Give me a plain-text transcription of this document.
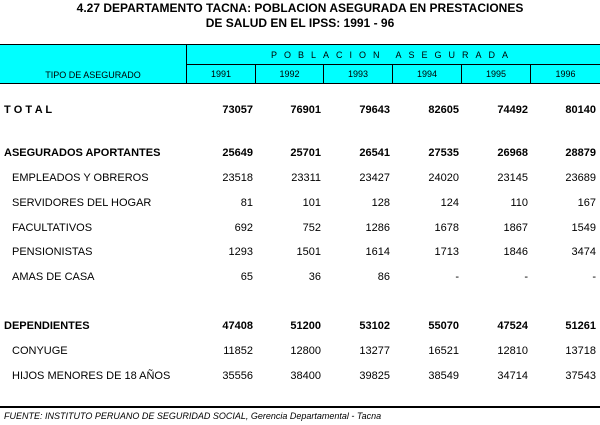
4.27 DEPARTAMENTO TACNA: POBLACION ASEGURADA EN PRESTACIONES
DE SALUD EN EL IPSS: 1991 - 96
POBLACION ASEGURADA
TIPO DE ASEGURADO	1991	1992	1993	1994	1995	1996
T O T A L	73057	76901	79643	82605	74492	80140
ASEGURADOS APORTANTES	25649	25701	26541	27535	26968	28879
EMPLEADOS Y OBREROS	23518	23311	23427	24020	23145	23689
SERVIDORES DEL HOGAR	81	101	128	124	110	167
FACULTATIVOS	692	752	1286	1678	1867	1549
PENSIONISTAS	1293	1501	1614	1713	1846	3474
AMAS DE CASA	65	36	86	-	-	-
DEPENDIENTES	47408	51200	53102	55070	47524	51261
CONYUGE	11852	12800	13277	16521	12810	13718
HIJOS MENORES DE 18 AÑOS	35556	38400	39825	38549	34714	37543
FUENTE: INSTITUTO PERUANO DE SEGURIDAD SOCIAL, Gerencia Departamental - Tacna
